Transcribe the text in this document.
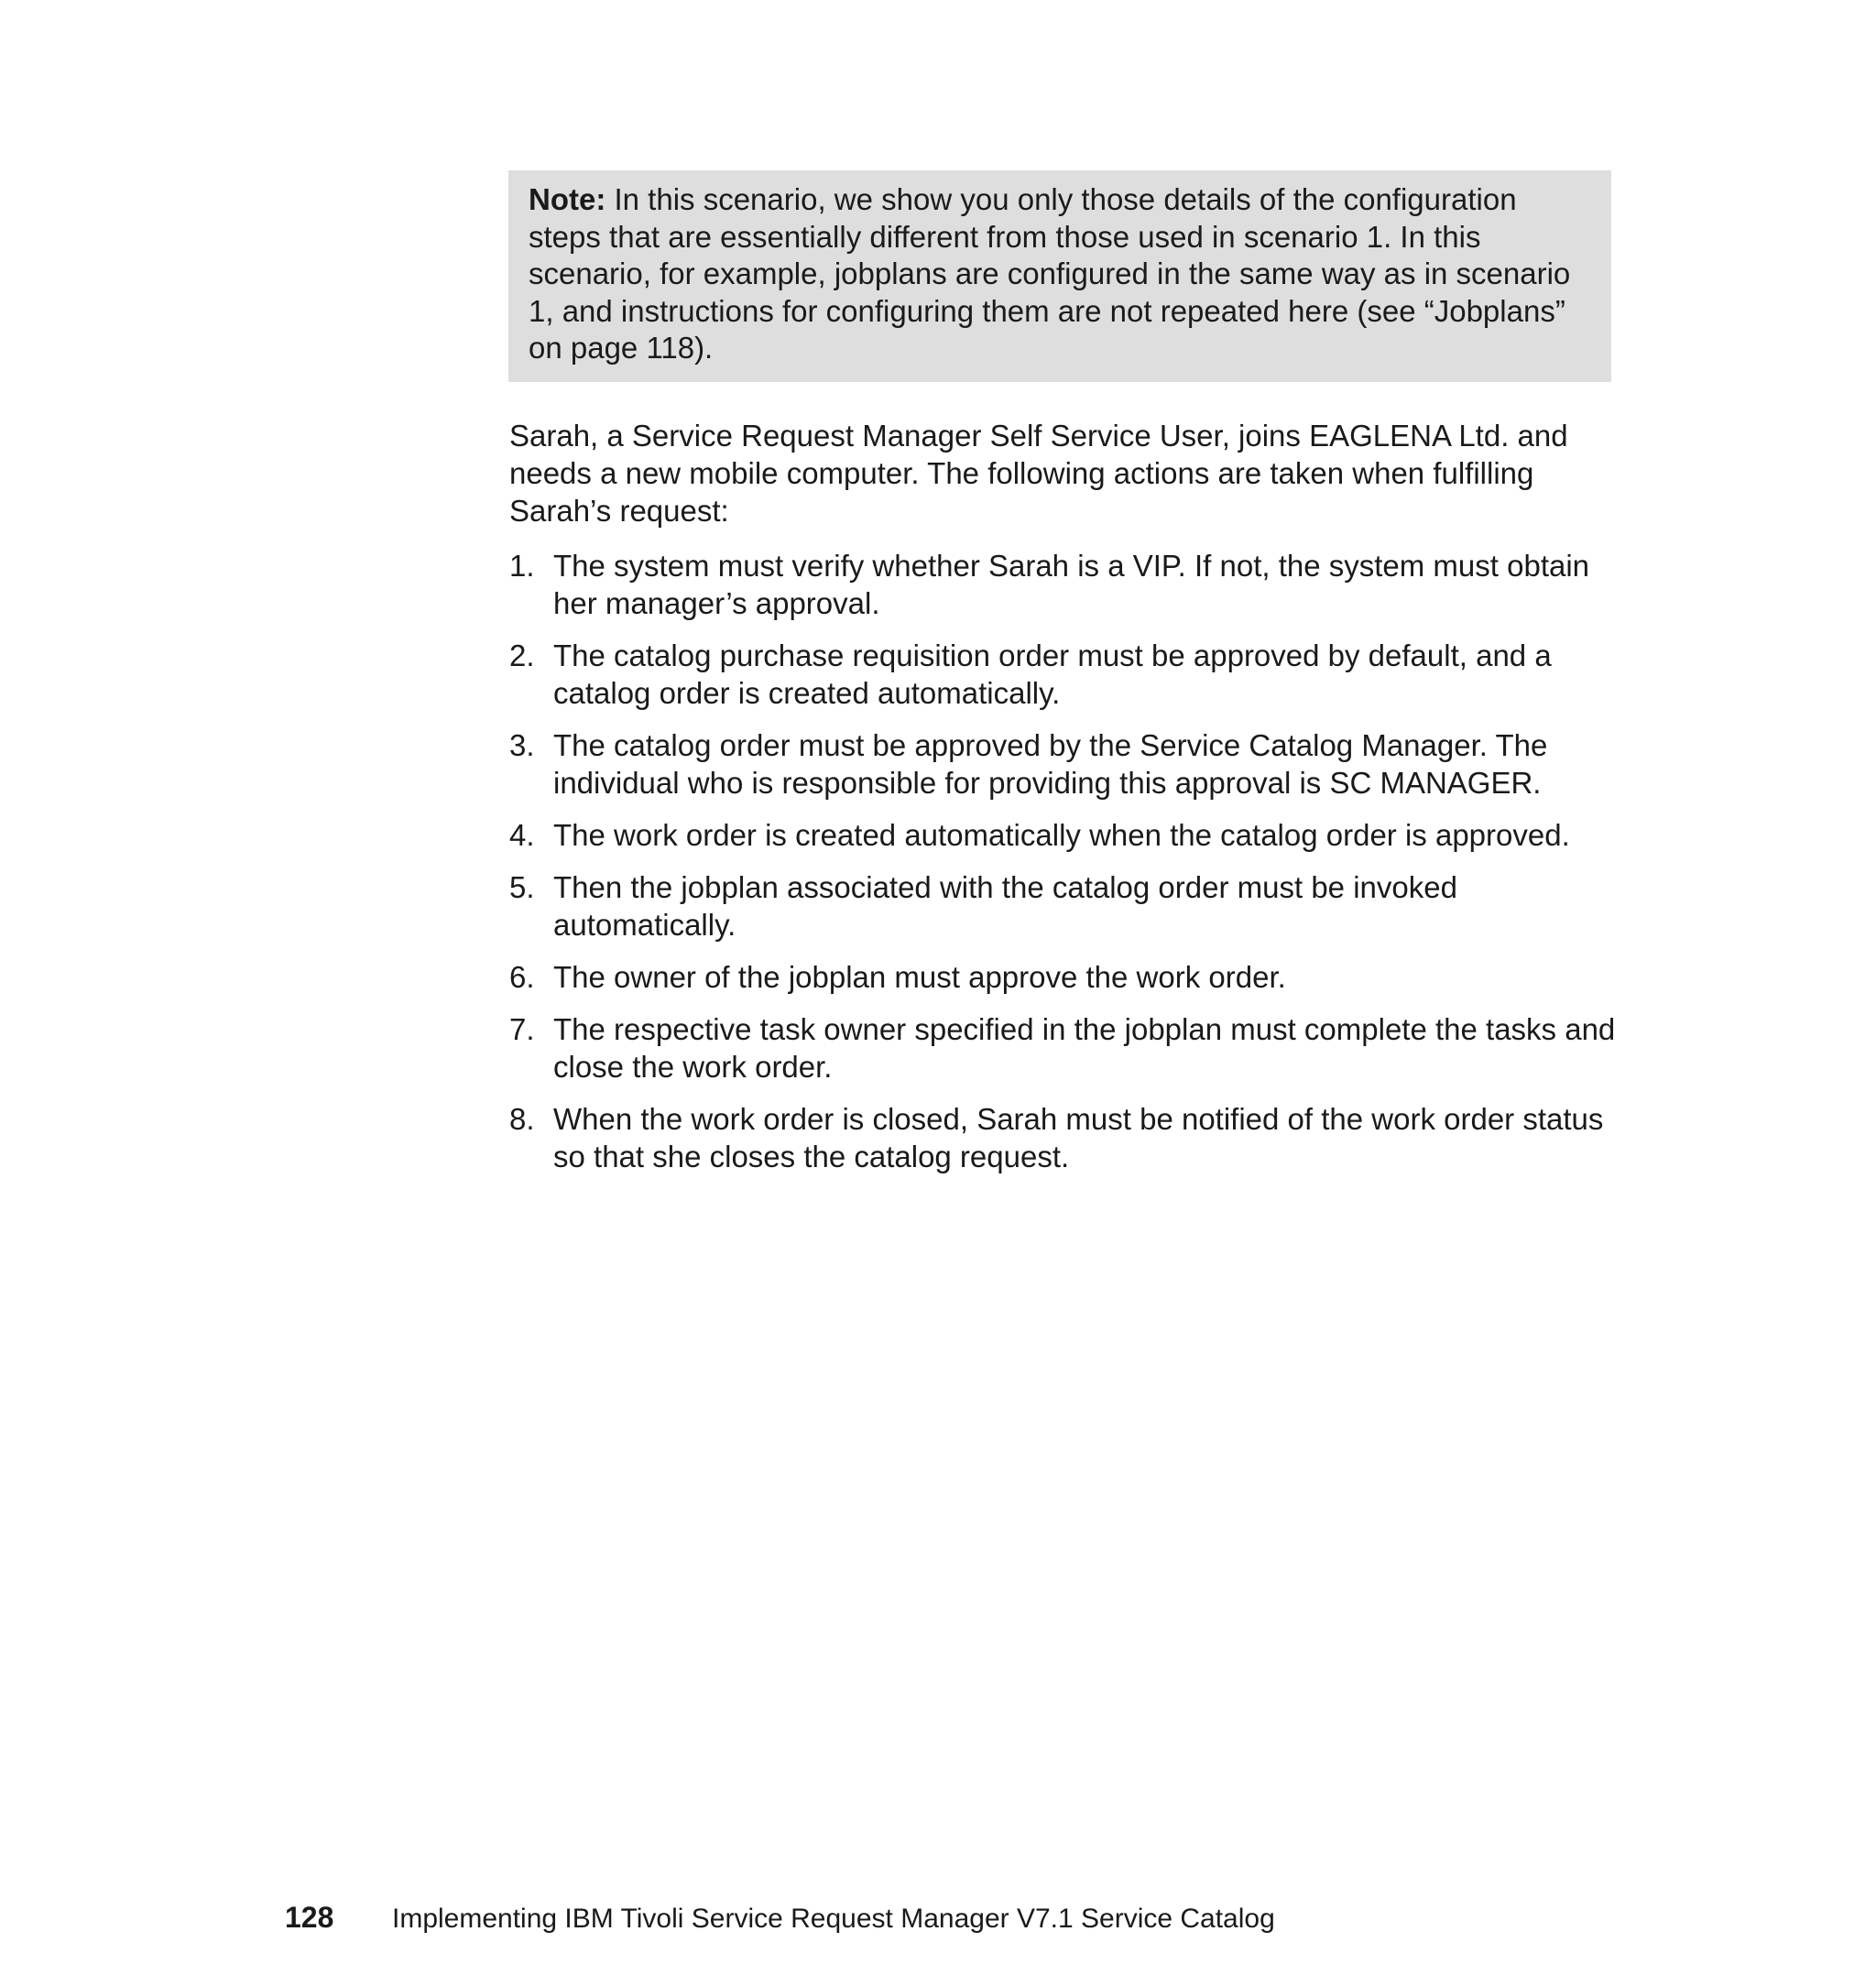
Note: In this scenario, we show you only those details of the configuration steps that are essentially different from those used in scenario 1. In this scenario, for example, jobplans are configured in the same way as in scenario 1, and instructions for configuring them are not repeated here (see “Jobplans” on page 118).

Sarah, a Service Request Manager Self Service User, joins EAGLENA Ltd. and needs a new mobile computer. The following actions are taken when fulfilling Sarah’s request:

1. The system must verify whether Sarah is a VIP. If not, the system must obtain her manager’s approval.
2. The catalog purchase requisition order must be approved by default, and a catalog order is created automatically.
3. The catalog order must be approved by the Service Catalog Manager. The individual who is responsible for providing this approval is SC MANAGER.
4. The work order is created automatically when the catalog order is approved.
5. Then the jobplan associated with the catalog order must be invoked automatically.
6. The owner of the jobplan must approve the work order.
7. The respective task owner specified in the jobplan must complete the tasks and close the work order.
8. When the work order is closed, Sarah must be notified of the work order status so that she closes the catalog request.
128 Implementing IBM Tivoli Service Request Manager V7.1 Service Catalog
